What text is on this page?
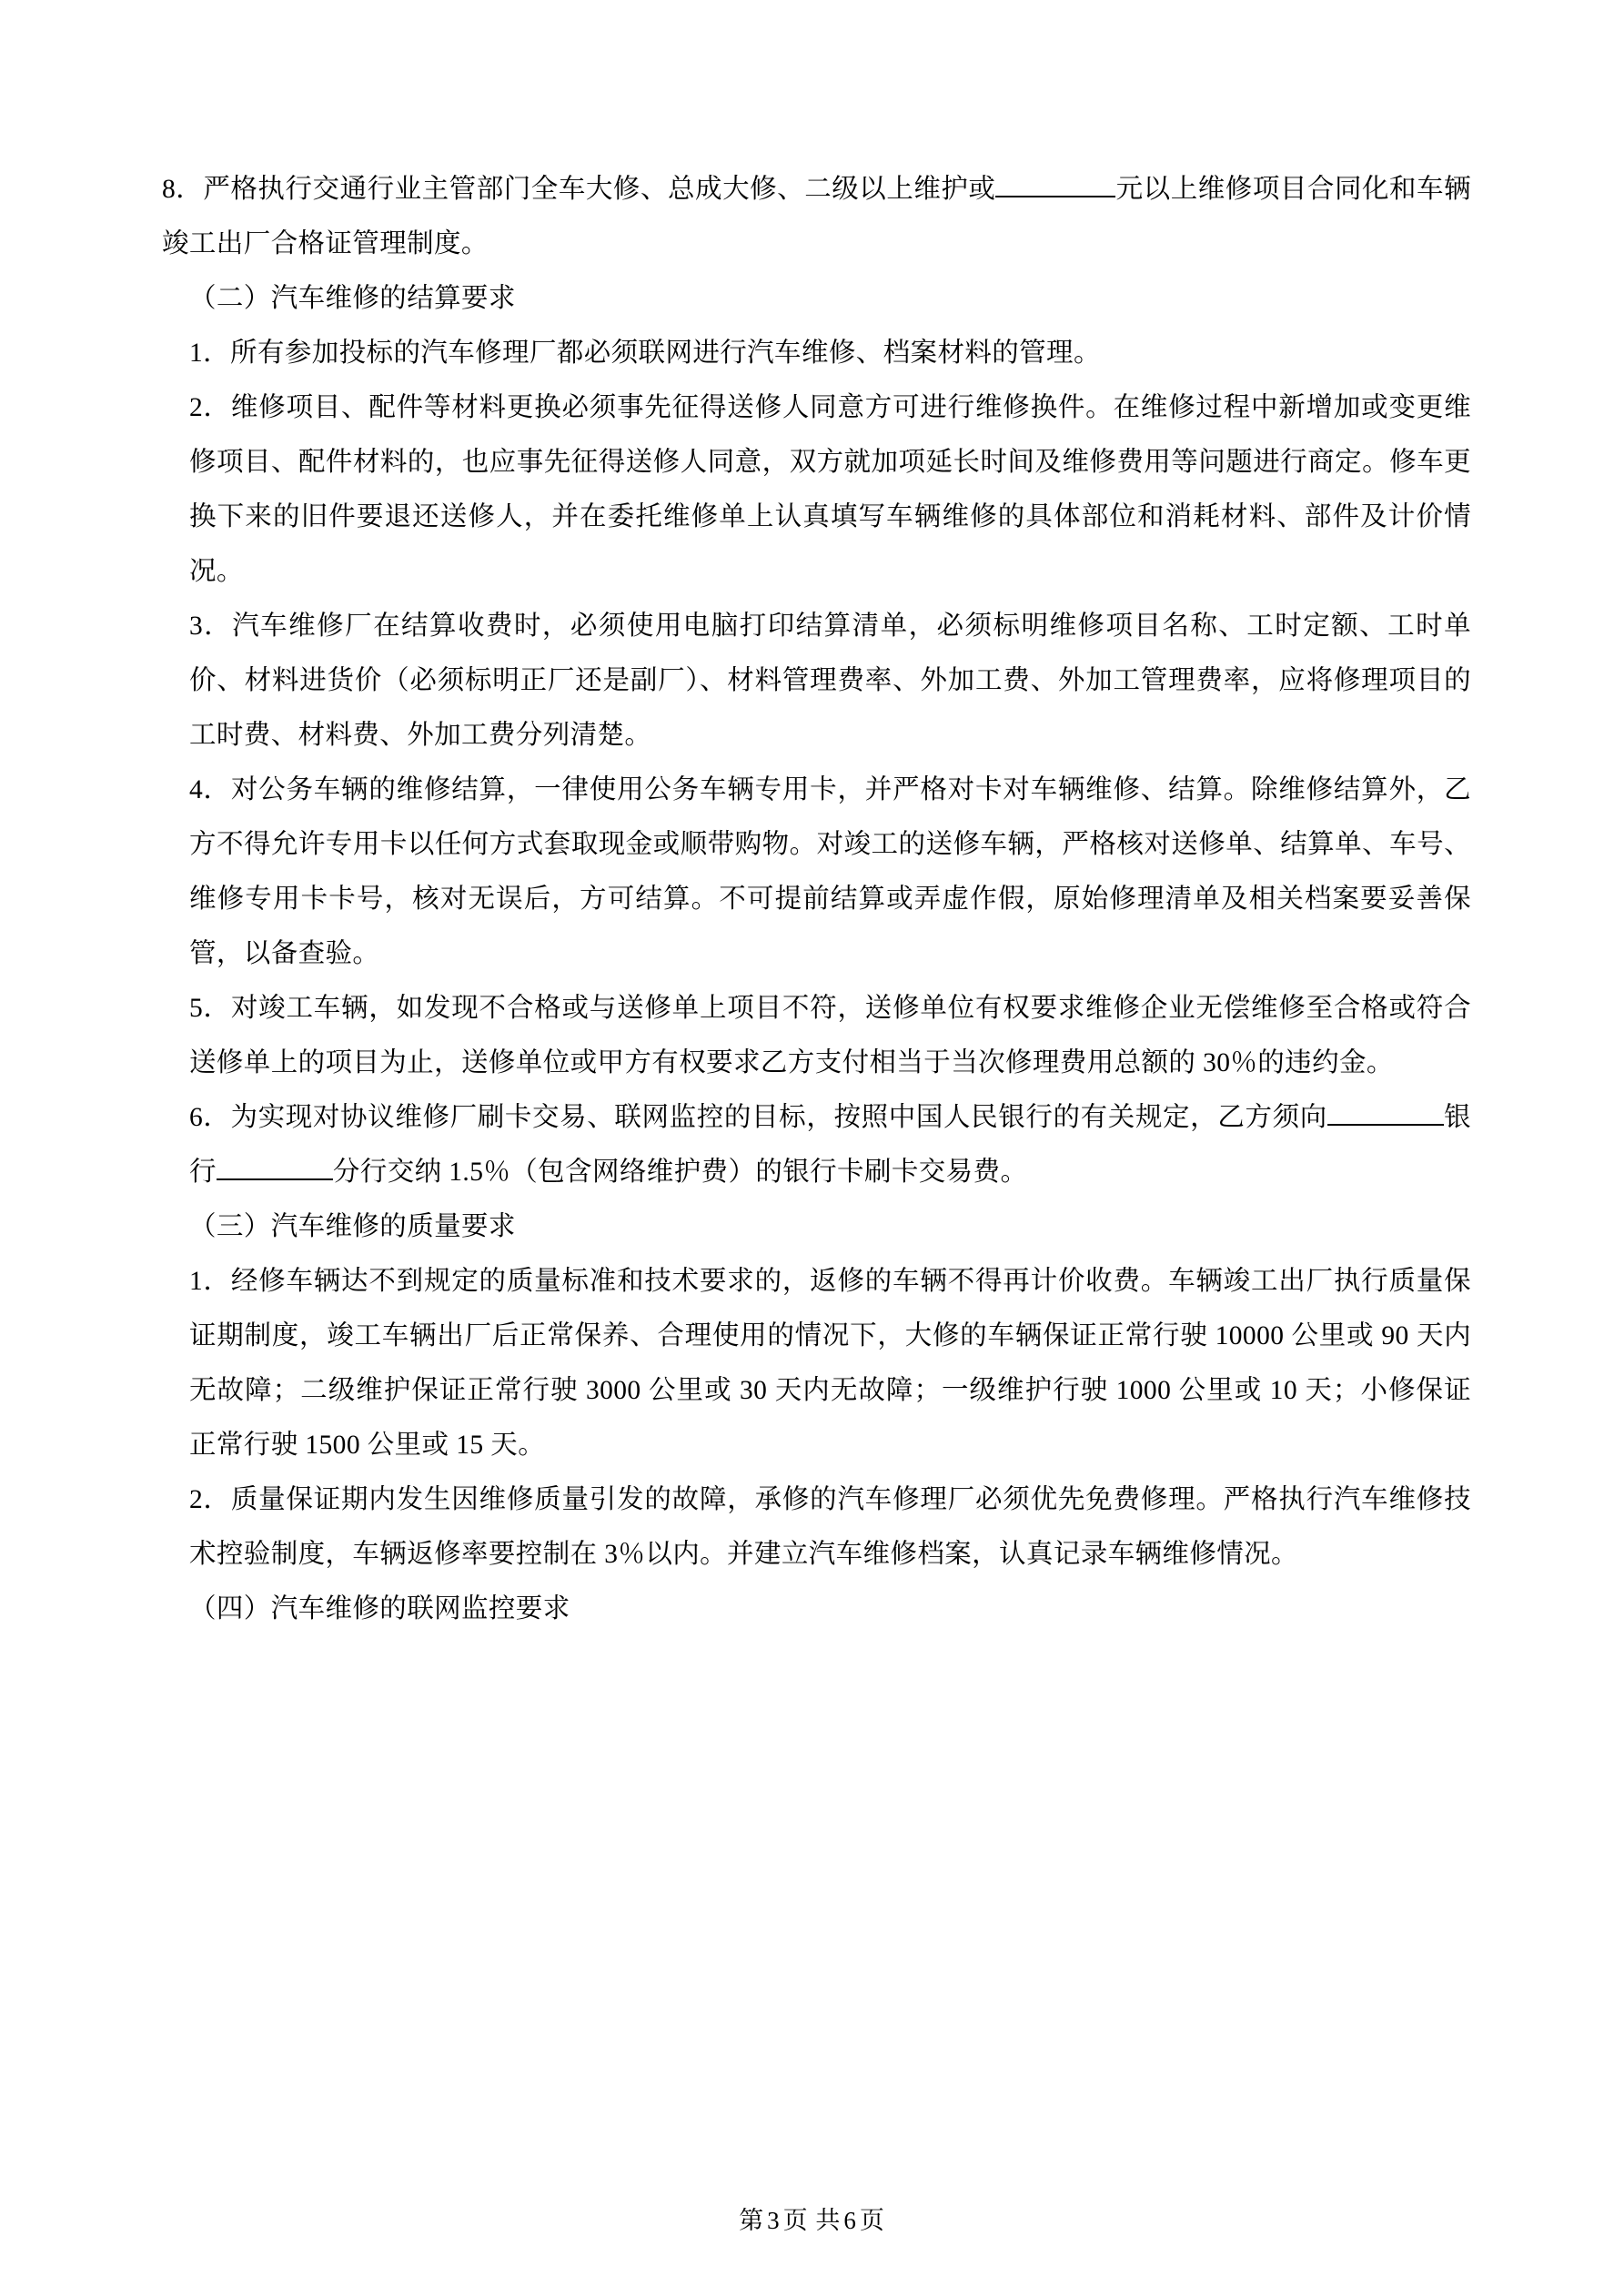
8．严格执行交通行业主管部门全车大修、总成大修、二级以上维护或	元以上维修项目合同化和车辆竣工出厂合格证管理制度。

（二）汽车维修的结算要求

1．所有参加投标的汽车修理厂都必须联网进行汽车维修、档案材料的管理。

2．维修项目、配件等材料更换必须事先征得送修人同意方可进行维修换件。在维修过程中新增加或变更维修项目、配件材料的，也应事先征得送修人同意，双方就加项延长时间及维修费用等问题进行商定。修车更换下来的旧件要退还送修人，并在委托维修单上认真填写车辆维修的具体部位和消耗材料、部件及计价情况。

3．汽车维修厂在结算收费时，必须使用电脑打印结算清单，必须标明维修项目名称、工时定额、工时单价、材料进货价（必须标明正厂还是副厂）、材料管理费率、外加工费、外加工管理费率，应将修理项目的工时费、材料费、外加工费分列清楚。

4．对公务车辆的维修结算，一律使用公务车辆专用卡，并严格对卡对车辆维修、结算。除维修结算外，乙方不得允许专用卡以任何方式套取现金或顺带购物。对竣工的送修车辆，严格核对送修单、结算单、车号、维修专用卡卡号，核对无误后，方可结算。不可提前结算或弄虚作假，原始修理清单及相关档案要妥善保管，以备查验。

5．对竣工车辆，如发现不合格或与送修单上项目不符，送修单位有权要求维修企业无偿维修至合格或符合送修单上的项目为止，送修单位或甲方有权要求乙方支付相当于当次修理费用总额的 30％的违约金。

6．为实现对协议维修厂刷卡交易、联网监控的目标，按照中国人民银行的有关规定，乙方须向	银行	分行交纳 1.5％（包含网络维护费）的银行卡刷卡交易费。

（三）汽车维修的质量要求

1．经修车辆达不到规定的质量标准和技术要求的，返修的车辆不得再计价收费。车辆竣工出厂执行质量保证期制度，竣工车辆出厂后正常保养、合理使用的情况下，大修的车辆保证正常行驶 10000 公里或 90 天内无故障；二级维护保证正常行驶 3000 公里或 30 天内无故障；一级维护行驶 1000 公里或 10 天；小修保证正常行驶 1500 公里或 15 天。

2．质量保证期内发生因维修质量引发的故障，承修的汽车修理厂必须优先免费修理。严格执行汽车维修技术控验制度，车辆返修率要控制在 3％以内。并建立汽车维修档案，认真记录车辆维修情况。

（四）汽车维修的联网监控要求

第 3 页 共 6 页
